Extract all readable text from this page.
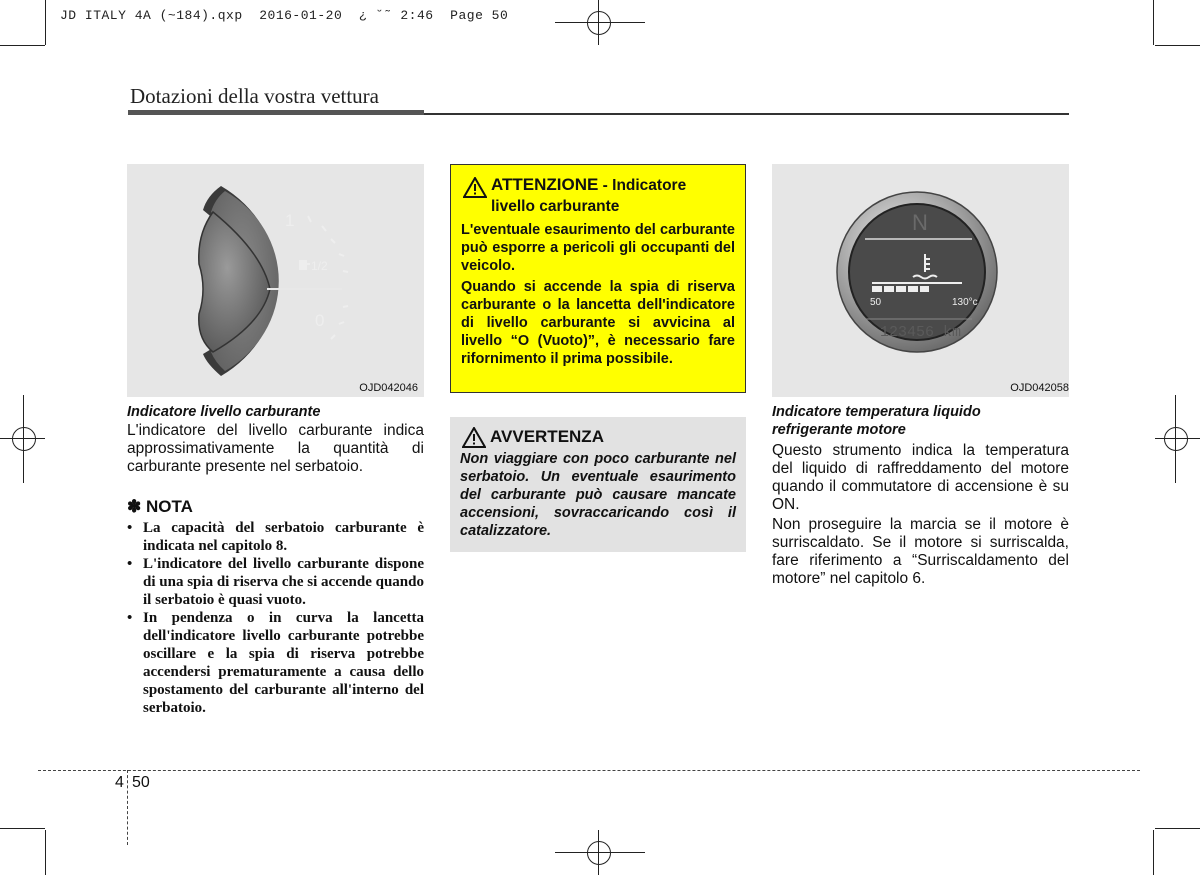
JD ITALY 4A (~184).qxp  2016-01-20  ¿ ˘˜ 2:46  Page 50
Dotazioni della vostra vettura
1
1/2
0
OJD042046
Indicatore livello carburante
L'indicatore del livello carburante indica approssimativamente la quantità di carburante presente nel serbatoio.
✽ NOTA
• La capacità del serbatoio carburante è indicata nel capitolo 8.
• L'indicatore del livello carburante dispone di una spia di riserva che si accende quando il serbatoio è quasi vuoto.
• In pendenza o in curva la lancetta dell'indicatore livello carburante potrebbe oscillare e la spia di riserva potrebbe accendersi prematuramente a causa dello spostamento del carburante all'interno del serbatoio.
ATTENZIONE - Indicatore
livello carburante
L'eventuale esaurimento del carburante può esporre a pericoli gli occupanti del veicolo.
Quando si accende la spia di riserva carburante o la lancetta dell'indicatore di livello carburante si avvicina al livello “O (Vuoto)”, è necessario fare rifornimento il prima possibile.
AVVERTENZA
Non viaggiare con poco carburante nel serbatoio. Un eventuale esaurimento del carburante può causare mancate accensioni, sovraccaricando così il catalizzatore.
N
50	130°c
123456 km
OJD042058
Indicatore temperatura liquido refrigerante motore
Questo strumento indica la temperatura del liquido di raffreddamento del motore quando il commutatore di accensione è su ON.
Non proseguire la marcia se il motore è surriscaldato. Se il motore si surriscalda, fare riferimento a “Surriscaldamento del motore” nel capitolo 6.
4 50
